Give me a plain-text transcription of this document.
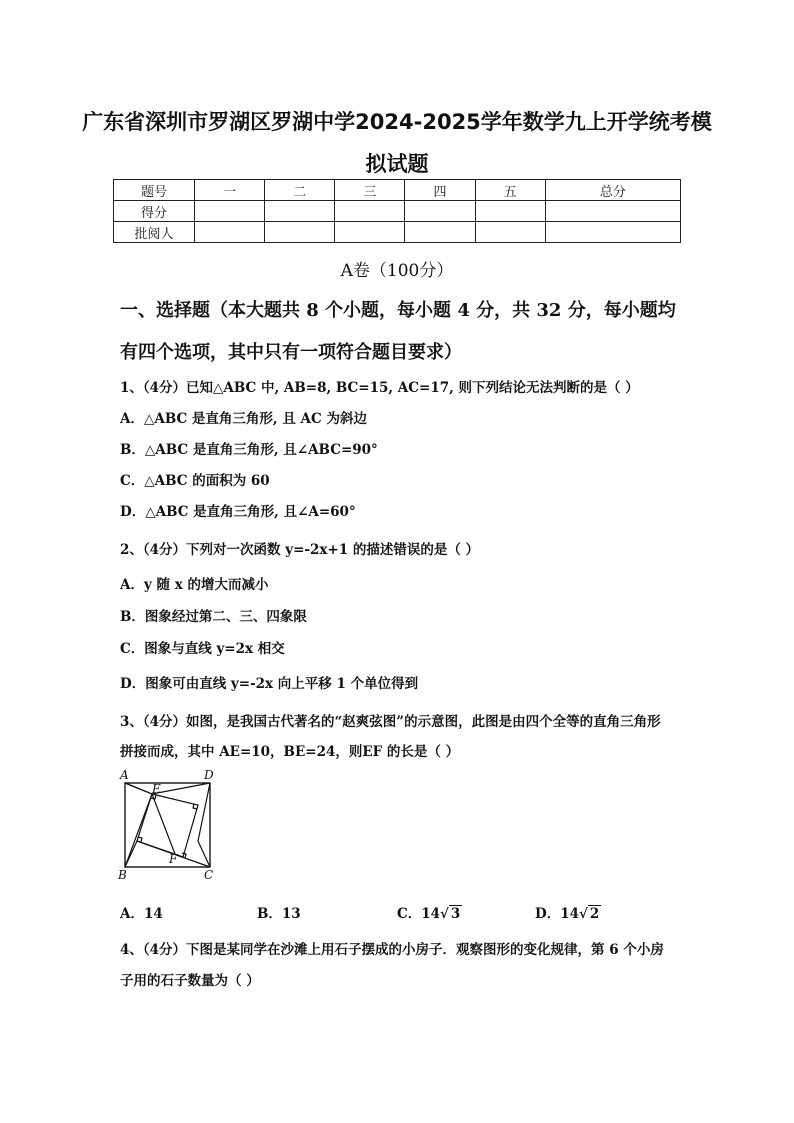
广东省深圳市罗湖区罗湖中学2024-2025学年数学九上开学统考模
拟试题
题号	一	二	三	四	五	总分
得分						
批阅人						
A卷（100分）
一、选择题（本大题共 8 个小题，每小题 4 分，共 32 分，每小题均
有四个选项，其中只有一项符合题目要求）
1、（4分）已知△ABC 中, AB=8, BC=15, AC=17, 则下列结论无法判断的是（ ）
A．△ABC 是直角三角形, 且 AC 为斜边
B．△ABC 是直角三角形, 且∠ABC=90°
C．△ABC 的面积为 60
D．△ABC 是直角三角形, 且∠A=60°
2、（4分）下列对一次函数 y=-2x+1 的描述错误的是（ ）
A．y 随 x 的增大而减小
B．图象经过第二、三、四象限
C．图象与直线 y=2x 相交
D．图象可由直线 y=-2x 向上平移 1 个单位得到
3、（4分）如图，是我国古代著名的“赵爽弦图”的示意图，此图是由四个全等的直角三角形
拼接而成，其中 AE=10，BE=24，则EF 的长是（ ）
A	D
E
F
B	C
A．14	B．13	C．14√ 3	D．14√ 2
4、（4分）下图是某同学在沙滩上用石子摆成的小房子．观察图形的变化规律，第 6 个小房
子用的石子数量为（ ）
